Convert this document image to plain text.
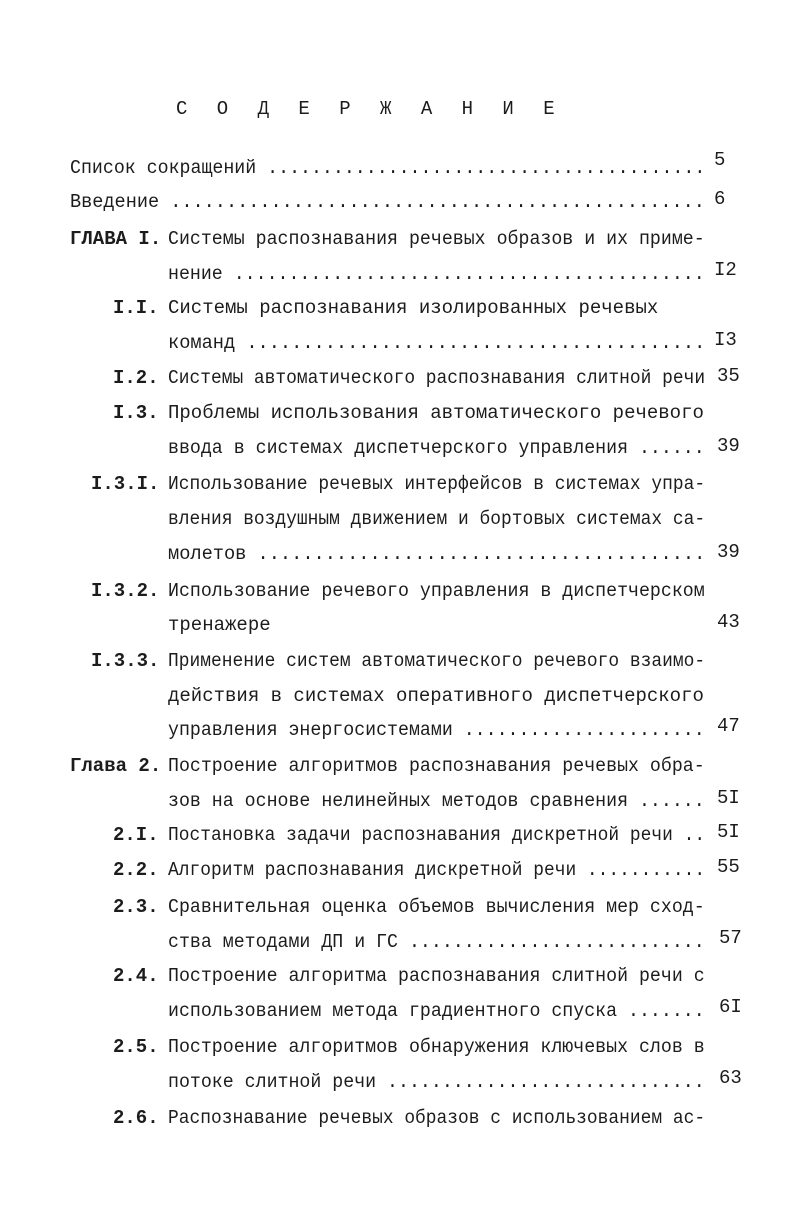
С О Д Е Р Ж А Н И Е
Список сокращений ........................................ 5
Введение ................................................ 6
ГЛАВА I. Системы распознавания речевых образов и их приме-
нение ........................................... I2
I.I. Системы распознавания изолированных речевых
команд ......................................... I3
I.2. Системы автоматического распознавания слитной речи 35
I.3. Проблемы использования автоматического речевого
ввода в системах диспетчерского управления ...... 39
I.3.I. Использование речевых интерфейсов в системах упра-
вления воздушным движением и бортовых системах са-
молетов ........................................ 39
I.3.2. Использование речевого управления в диспетчерском
тренажере	43
I.3.3. Применение систем автоматического речевого взаимо-
действия в системах оперативного диспетчерского
управления энергосистемами ...................... 47
Глава 2. Построение алгоритмов распознавания речевых обра-
зов на основе нелинейных методов сравнения ...... 5I
2.I. Постановка задачи распознавания дискретной речи .. 5I
2.2. Алгоритм распознавания дискретной речи ........... 55
2.3. Сравнительная оценка объемов вычисления мер сход-
ства методами ДП и ГС ........................... 57
2.4. Построение алгоритма распознавания слитной речи с
использованием метода градиентного спуска ....... 6I
2.5. Построение алгоритмов обнаружения ключевых слов в
потоке слитной речи ............................. 63
2.6. Распознавание речевых образов с использованием ас-
